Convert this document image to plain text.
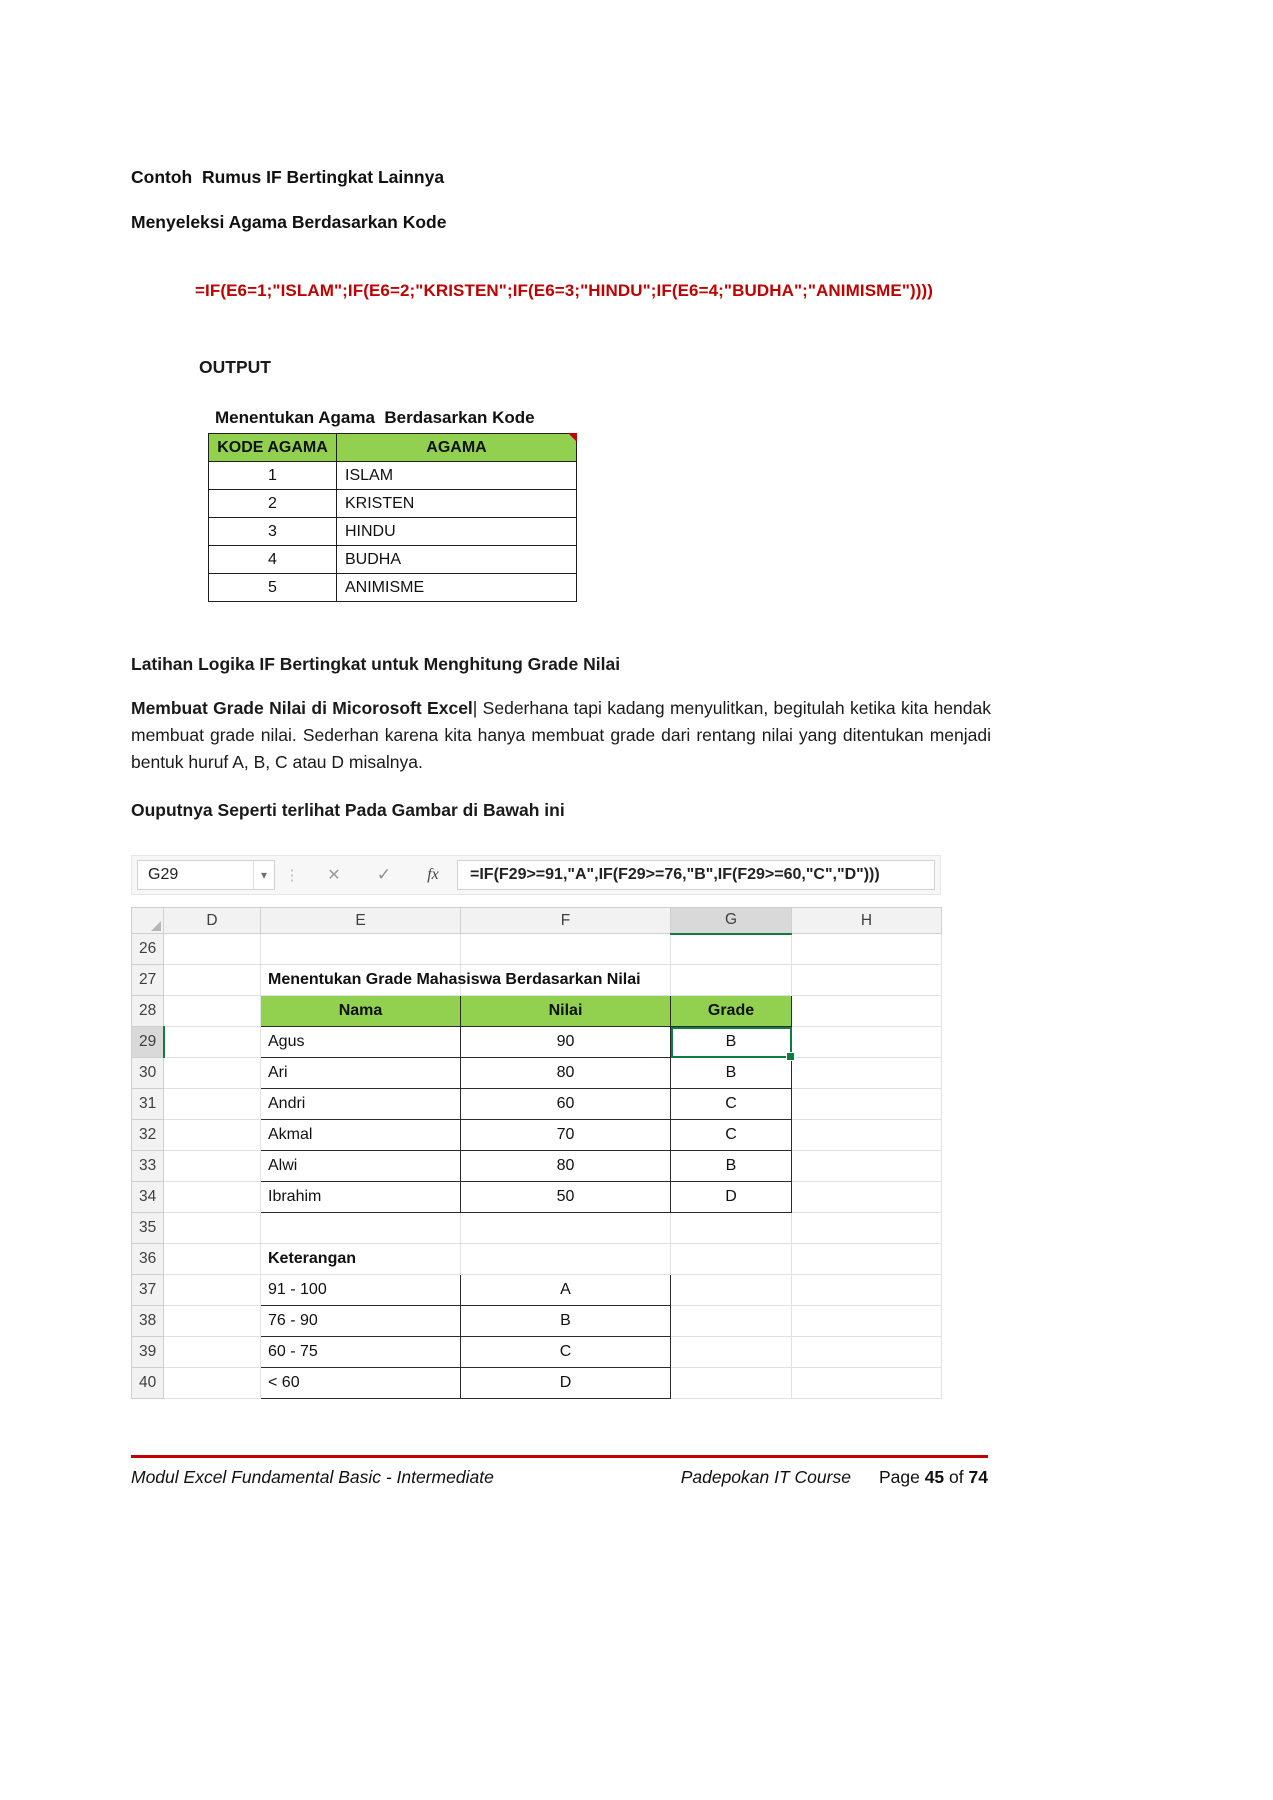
Contoh  Rumus IF Bertingkat Lainnya
Menyeleksi Agama Berdasarkan Kode
=IF(E6=1;"ISLAM";IF(E6=2;"KRISTEN";IF(E6=3;"HINDU";IF(E6=4;"BUDHA";"ANIMISME"))))
OUTPUT
Menentukan Agama  Berdasarkan Kode
KODE AGAMA	AGAMA
1	ISLAM
2	KRISTEN
3	HINDU
4	BUDHA
5	ANIMISME
Latihan Logika IF Bertingkat untuk Menghitung Grade Nilai

Membuat Grade Nilai di Micorosoft Excel| Sederhana tapi kadang menyulitkan, begitulah ketika kita hendak membuat grade nilai. Sederhan karena kita hanya membuat grade dari rentang nilai yang ditentukan menjadi bentuk huruf A, B, C atau D misalnya.

Ouputnya Seperti terlihat Pada Gambar di Bawah ini
G29	▾	⋮	✕	✓	fx	=IF(F29>=91,"A",IF(F29>=76,"B",IF(F29>=60,"C","D")))
	D	E	F	G	H
26					
27		Menentukan Grade Mahasiswa Berdasarkan Nilai			
28		Nama	Nilai	Grade	
29		Agus	90	B	
30		Ari	80	B	
31		Andri	60	C	
32		Akmal	70	C	
33		Alwi	80	B	
34		Ibrahim	50	D	
35					
36		Keterangan			
37		91 - 100	A		
38		76 - 90	B		
39		60 - 75	C		
40		< 60	D		
Modul Excel Fundamental Basic - Intermediate	Padepokan IT Course Page 45 of 74
